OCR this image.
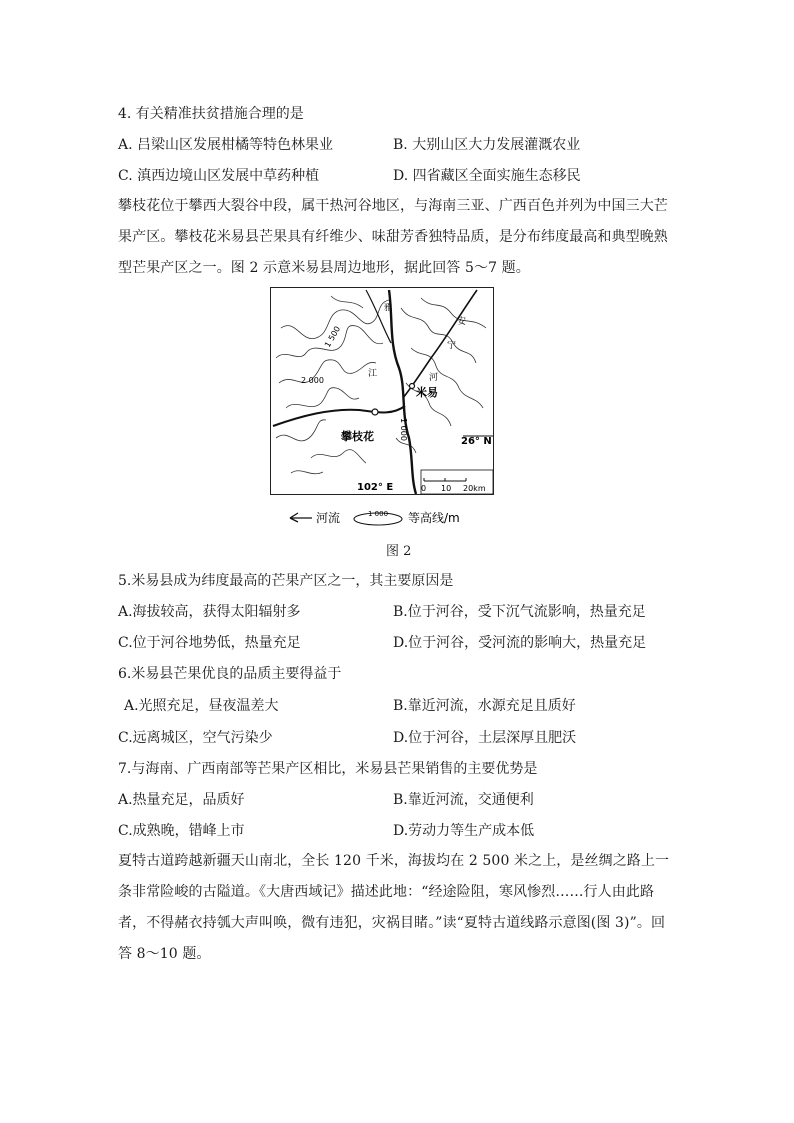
4. 有关精准扶贫措施合理的是
A. 吕梁山区发展柑橘等特色林果业	B. 大别山区大力发展灌溉农业
C. 滇西边境山区发展中草药种植	D. 四省藏区全面实施生态移民
攀枝花位于攀西大裂谷中段，属干热河谷地区，与海南三亚、广西百色并列为中国三大芒果产区。攀枝花米易县芒果具有纤维少、味甜芳香独特品质，是分布纬度最高和典型晚熟型芒果产区之一。图 2 示意米易县周边地形，据此回答 5～7 题。
攀枝花
米易
26° N
102° E
1 500
2 000
1 000
江	河
雅
安
宁
0 10 20km
河流	1 000 等高线/m
图 2
5.米易县成为纬度最高的芒果产区之一，其主要原因是
A.海拔较高，获得太阳辐射多	B.位于河谷，受下沉气流影响，热量充足
C.位于河谷地势低，热量充足	D.位于河谷，受河流的影响大，热量充足
6.米易县芒果优良的品质主要得益于
A.光照充足，昼夜温差大	B.靠近河流，水源充足且质好
C.远离城区，空气污染少	D.位于河谷，土层深厚且肥沃
7.与海南、广西南部等芒果产区相比，米易县芒果销售的主要优势是
A.热量充足，品质好	B.靠近河流，交通便利
C.成熟晚，错峰上市	D.劳动力等生产成本低
夏特古道跨越新疆天山南北，全长 120 千米，海拔均在 2 500 米之上，是丝绸之路上一条非常险峻的古隘道。《大唐西域记》描述此地：“经途险阻，寒风惨烈……行人由此路者，不得赭衣持瓠大声叫唤，微有违犯，灾祸目睹。”读“夏特古道线路示意图(图 3)”。回答 8～10 题。
